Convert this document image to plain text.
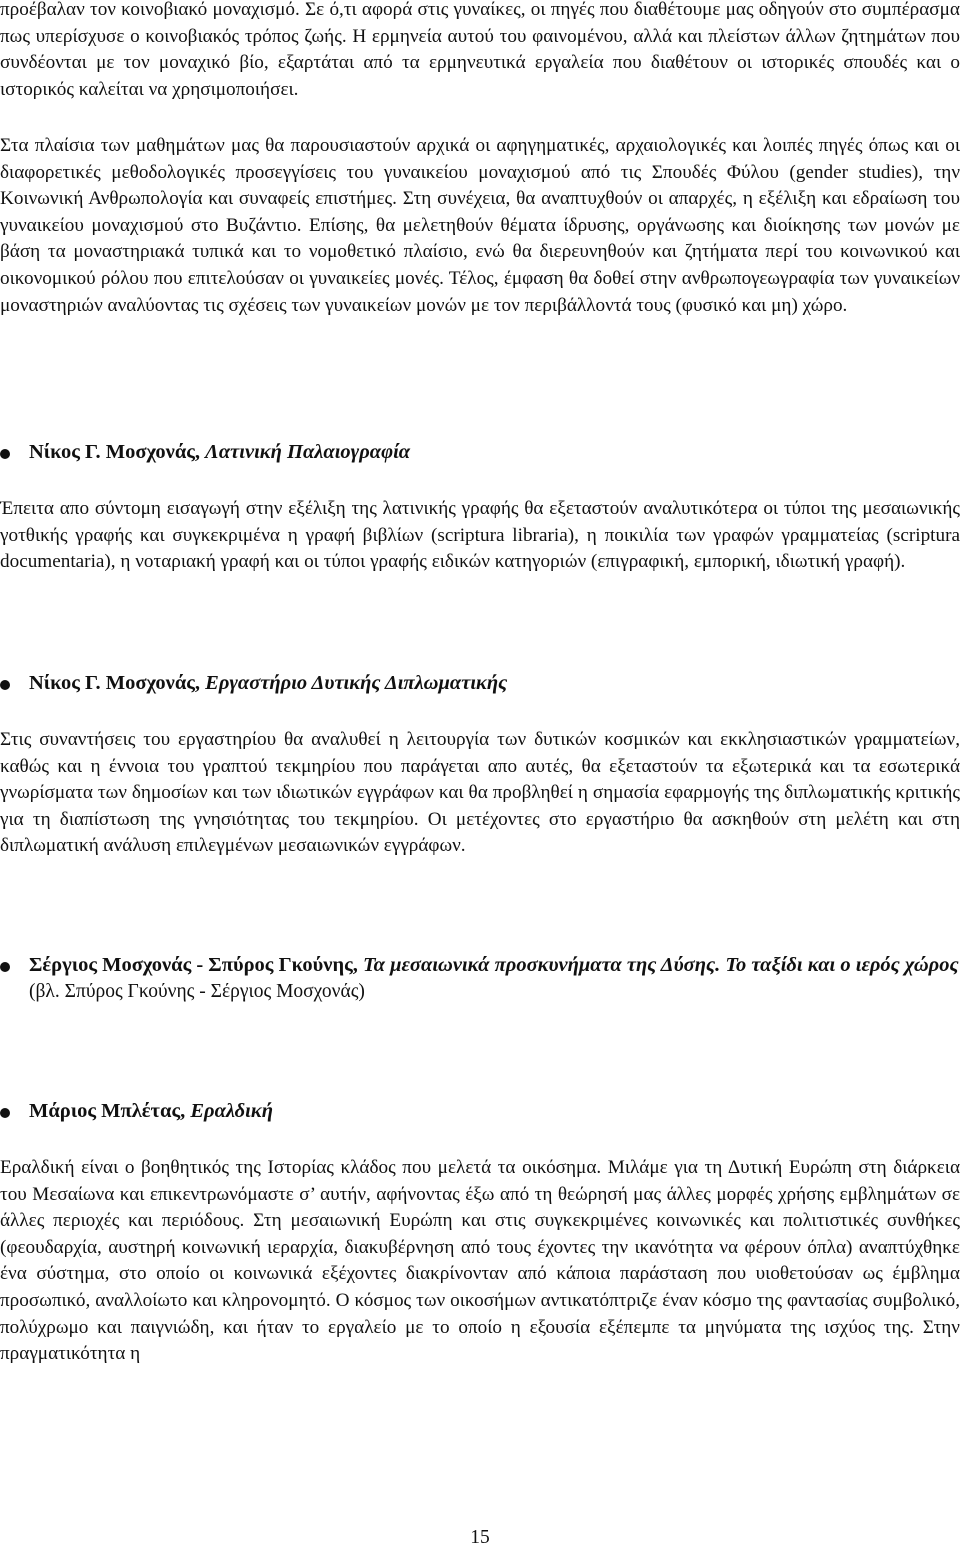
προέβαλαν τον κοινοβιακό μοναχισμό. Σε ό,τι αφορά στις γυναίκες, οι πηγές που διαθέτουμε μας οδηγούν στο συμπέρασμα πως υπερίσχυσε ο κοινοβιακός τρόπος ζωής. Η ερμηνεία αυτού του φαινομένου, αλλά και πλείστων άλλων ζητημάτων που συνδέονται με τον μοναχικό βίο, εξαρτάται από τα ερμηνευτικά εργαλεία που διαθέτουν οι ιστορικές σπουδές και ο ιστορικός καλείται να χρησιμοποιήσει.

Στα πλαίσια των μαθημάτων μας θα παρουσιαστούν αρχικά οι αφηγηματικές, αρχαιολογικές και λοιπές πηγές όπως και οι διαφορετικές μεθοδολογικές προσεγγίσεις του γυναικείου μοναχισμού από τις Σπουδές Φύλου (gender studies), την Κοινωνική Ανθρωπολογία και συναφείς επιστήμες. Στη συνέχεια, θα αναπτυχθούν οι απαρχές, η εξέλιξη και εδραίωση του γυναικείου μοναχισμού στο Βυζάντιο. Επίσης, θα μελετηθούν θέματα ίδρυσης, οργάνωσης και διοίκησης των μονών με βάση τα μοναστηριακά τυπικά και το νομοθετικό πλαίσιο, ενώ θα διερευνηθούν και ζητήματα περί του κοινωνικού και οικονομικού ρόλου που επιτελούσαν οι γυναικείες μονές. Τέλος, έμφαση θα δοθεί στην ανθρωπογεωγραφία των γυναικείων μοναστηριών αναλύοντας τις σχέσεις των γυναικείων μονών με τον περιβάλλοντά τους (φυσικό και μη) χώρο.

Νίκος Γ. Μοσχονάς, Λατινική Παλαιογραφία

Έπειτα απο σύντομη εισαγωγή στην εξέλιξη της λατινικής γραφής θα εξεταστούν αναλυτικότερα οι τύποι της μεσαιωνικής γοτθικής γραφής και συγκεκριμένα η γραφή βιβλίων (scriptura libraria), η ποικιλία των γραφών γραμματείας (scriptura documentaria), η νοταριακή γραφή και οι τύποι γραφής ειδικών κατηγοριών (επιγραφική, εμπορική, ιδιωτική γραφή).

Νίκος Γ. Μοσχονάς, Εργαστήριο Δυτικής Διπλωματικής

Στις συναντήσεις του εργαστηρίου θα αναλυθεί η λειτουργία των δυτικών κοσμικών και εκκλησιαστικών γραμματείων, καθώς και η έννοια του γραπτού τεκμηρίου που παράγεται απο αυτές, θα εξεταστούν τα εξωτερικά και τα εσωτερικά γνωρίσματα των δημοσίων και των ιδιωτικών εγγράφων και θα προβληθεί η σημασία εφαρμογής της διπλωματικής κριτικής για τη διαπίστωση της γνησιότητας του τεκμηρίου. Οι μετέχοντες στο εργαστήριο θα ασκηθούν στη μελέτη και στη διπλωματική ανάλυση επιλεγμένων μεσαιωνικών εγγράφων.

Σέργιος Μοσχονάς - Σπύρος Γκούνης, Τα μεσαιωνικά προσκυνήματα της Δύσης. Το ταξίδι και ο ιερός χώρος
(βλ. Σπύρος Γκούνης - Σέργιος Μοσχονάς)
Μάριος Μπλέτας, Εραλδική

Εραλδική είναι ο βοηθητικός της Ιστορίας κλάδος που μελετά τα οικόσημα. Μιλάμε για τη Δυτική Ευρώπη στη διάρκεια του Μεσαίωνα και επικεντρωνόμαστε σ’ αυτήν, αφήνοντας έξω από τη θεώρησή μας άλλες μορφές χρήσης εμβλημάτων σε άλλες περιοχές και περιόδους. Στη μεσαιωνική Ευρώπη και στις συγκεκριμένες κοινωνικές και πολιτιστικές συνθήκες (φεουδαρχία, αυστηρή κοινωνική ιεραρχία, διακυβέρνηση από τους έχοντες την ικανότητα να φέρουν όπλα) αναπτύχθηκε ένα σύστημα, στο οποίο οι κοινωνικά εξέχοντες διακρίνονταν από κάποια παράσταση που υιοθετούσαν ως έμβλημα προσωπικό, αναλλοίωτο και κληρονομητό. Ο κόσμος των οικοσήμων αντικατόπτριζε έναν κόσμο της φαντασίας συμβολικό, πολύχρωμο και παιγνιώδη, και ήταν το εργαλείο με το οποίο η εξουσία εξέπεμπε τα μηνύματα της ισχύος της. Στην πραγματικότητα η

15
